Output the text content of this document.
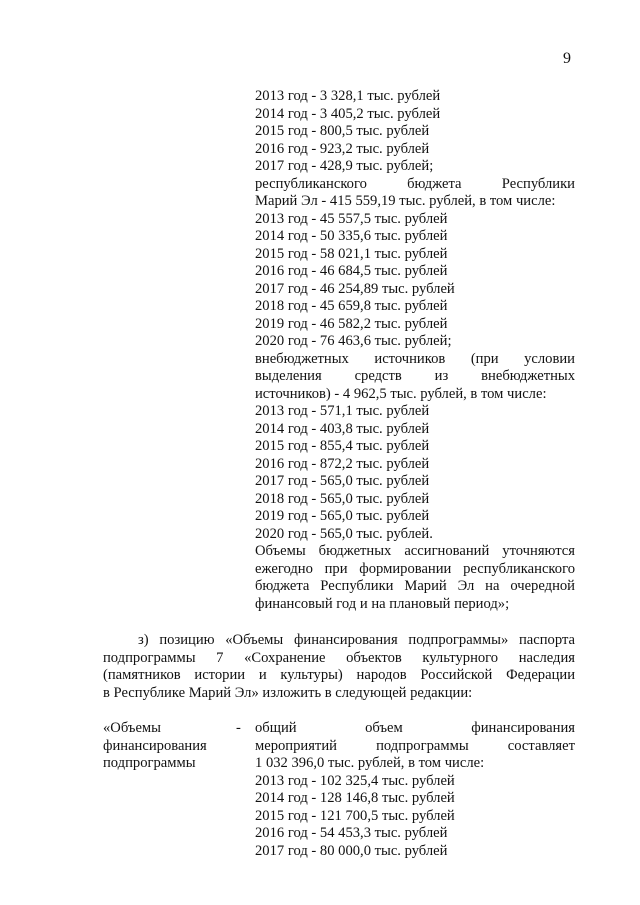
9
2013 год - 3 328,1 тыс. рублей
2014 год - 3 405,2 тыс. рублей
2015 год - 800,5 тыс. рублей
2016 год - 923,2 тыс. рублей
2017 год - 428,9 тыс. рублей;
республиканского бюджета Республики
Марий Эл - 415 559,19 тыс. рублей, в том числе:
2013 год - 45 557,5 тыс. рублей
2014 год - 50 335,6 тыс. рублей
2015 год - 58 021,1 тыс. рублей
2016 год - 46 684,5 тыс. рублей
2017 год - 46 254,89 тыс. рублей
2018 год - 45 659,8 тыс. рублей
2019 год - 46 582,2 тыс. рублей
2020 год - 76 463,6 тыс. рублей;
внебюджетных источников (при условии
выделения средств из внебюджетных
источников) - 4 962,5 тыс. рублей, в том числе:
2013 год - 571,1 тыс. рублей
2014 год - 403,8 тыс. рублей
2015 год - 855,4 тыс. рублей
2016 год - 872,2 тыс. рублей
2017 год - 565,0 тыс. рублей
2018 год - 565,0 тыс. рублей
2019 год - 565,0 тыс. рублей
2020 год - 565,0 тыс. рублей.
Объемы бюджетных ассигнований уточняются
ежегодно при формировании республиканского
бюджета Республики Марий Эл на очередной
финансовый год и на плановый период»;
з) позицию «Объемы финансирования подпрограммы» паспорта
подпрограммы 7 «Сохранение объектов культурного наследия
(памятников истории и культуры) народов Российской Федерации
в Республике Марий Эл» изложить в следующей редакции:
«Объемы
финансирования
подпрограммы
- общий объем финансирования
мероприятий подпрограммы составляет
1 032 396,0 тыс. рублей, в том числе:
2013 год - 102 325,4 тыс. рублей
2014 год - 128 146,8 тыс. рублей
2015 год - 121 700,5 тыс. рублей
2016 год - 54 453,3 тыс. рублей
2017 год - 80 000,0 тыс. рублей
